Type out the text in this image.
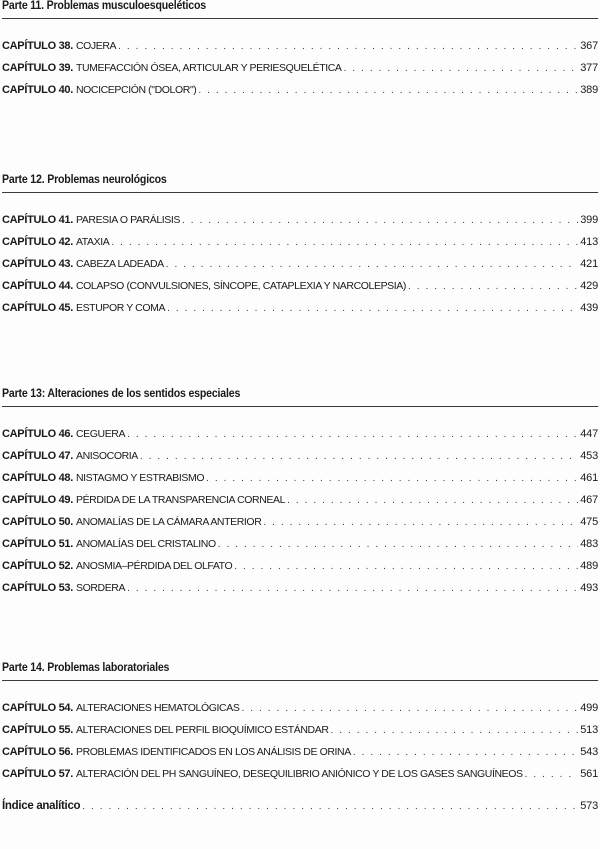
Parte 11. Problemas musculoesqueléticos
CAPÍTULO 38. COJERA . . .	367
CAPÍTULO 39. TUMEFACCIÓN ÓSEA, ARTICULAR Y PERIESQUELÉTICA . . .	377
CAPÍTULO 40. NOCICEPCIÓN ("DOLOR") . . .	389
Parte 12. Problemas neurológicos
CAPÍTULO 41. PARESIA O PARÁLISIS . . .	399
CAPÍTULO 42. ATAXIA . . .	413
CAPÍTULO 43. CABEZA LADEADA . . .	421
CAPÍTULO 44. COLAPSO (CONVULSIONES, SÍNCOPE, CATAPLEXIA Y NARCOLEPSIA) . . .	429
CAPÍTULO 45. ESTUPOR Y COMA . . .	439
Parte 13: Alteraciones de los sentidos especiales
CAPÍTULO 46. CEGUERA . . .	447
CAPÍTULO 47. ANISOCORIA . . .	453
CAPÍTULO 48. NISTAGMO Y ESTRABISMO . . .	461
CAPÍTULO 49. PÉRDIDA DE LA TRANSPARENCIA CORNEAL . . .	467
CAPÍTULO 50. ANOMALÍAS DE LA CÁMARA ANTERIOR . . .	475
CAPÍTULO 51. ANOMALÍAS DEL CRISTALINO . . .	483
CAPÍTULO 52. ANOSMIA–PÉRDIDA DEL OLFATO . . .	489
CAPÍTULO 53. SORDERA . . .	493
Parte 14. Problemas laboratoriales
CAPÍTULO 54. ALTERACIONES HEMATOLÓGICAS . . .	499
CAPÍTULO 55. ALTERACIONES DEL PERFIL BIOQUÍMICO ESTÁNDAR . . .	513
CAPÍTULO 56. PROBLEMAS IDENTIFICADOS EN LOS ANÁLISIS DE ORINA . . .	543
CAPÍTULO 57. ALTERACIÓN DEL PH SANGUÍNEO, DESEQUILIBRIO ANIÓNICO Y DE LOS GASES SANGUÍNEOS . . .	561
Índice analítico . . .	573
